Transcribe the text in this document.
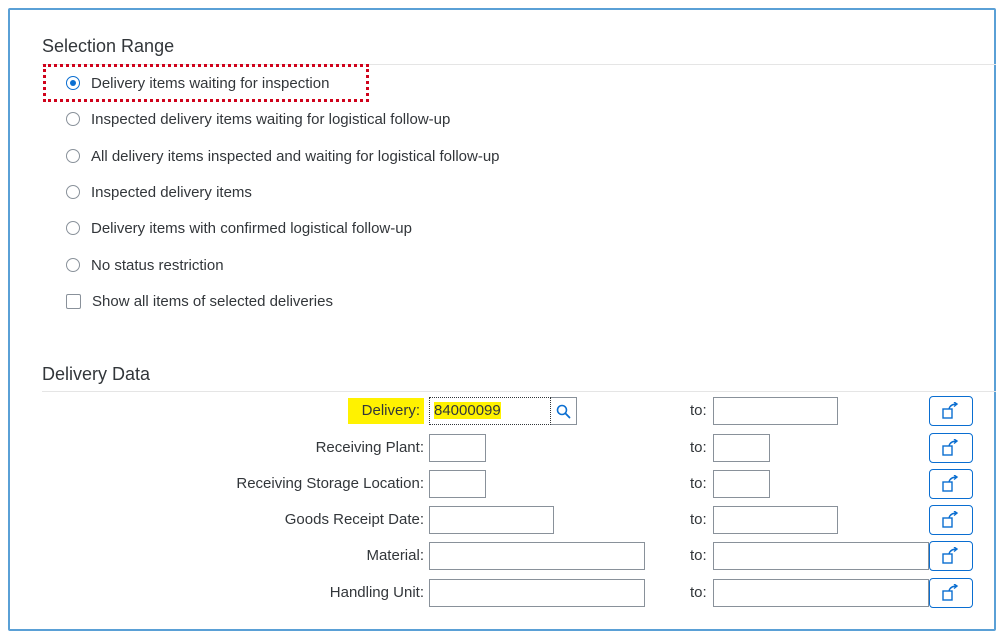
Selection Range
Delivery items waiting for inspection
Inspected delivery items waiting for logistical follow-up
All delivery items inspected and waiting for logistical follow-up
Inspected delivery items
Delivery items with confirmed logistical follow-up
No status restriction
Show all items of selected deliveries
Delivery Data
Delivery: 84000099	to:
Receiving Plant:	to:
Receiving Storage Location:	to:
Goods Receipt Date:	to:
Material:	to:
Handling Unit:	to:
